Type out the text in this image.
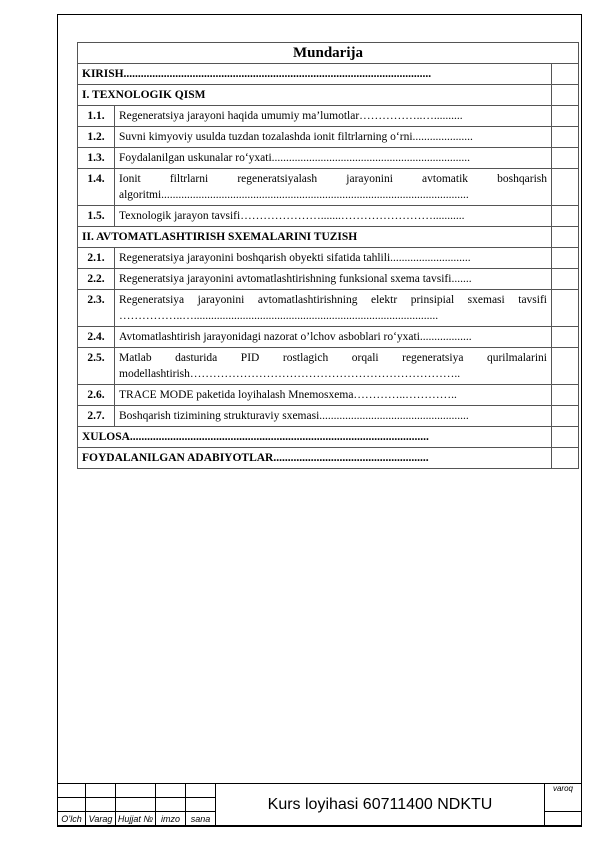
Mundarija		
KIRISH...........................................................................................................		
I. TEXNOLOGIK QISM		
1.1.	Regeneratsiya jarayoni haqida umumiy ma’lumotlar……………..…..........	
1.2.	Suvni kimyoviy usulda tuzdan tozalashda ionit filtrlarning o‘rni.....................	
1.3.	Foydalanilgan uskunalar ro‘yxati.....................................................................	
1.4.	Ionit filtrlarni regeneratsiyalash jarayonini avtomatik boshqarish algoritmi...........................................................................................................	
1.5.	Texnologik jarayon tavsifi………………….......……………………...........	
II. AVTOMATLASHTIRISH SXEMALARINI TUZISH		
2.1.	Regeneratsiya jarayonini boshqarish obyekti sifatida tahlili............................	
2.2.	Regeneratsiya jarayonini avtomatlashtirishning funksional sxema tavsifi.......	
2.3.	Regeneratsiya jarayonini avtomatlashtirishning elektr prinsipial sxemasi tavsifi ……………..….....................................................................................	
2.4.	Avtomatlashtirish jarayonidagi nazorat o’lchov asboblari ro‘yxati..................	
2.5.	Matlab dasturida PID rostlagich orqali regeneratsiya qurilmalarini modellashtirish……………………………………………………………..	
2.6.	TRACE MODE paketida loyihalash Mnemosxema…………..…………..	
2.7.	Boshqarish tizimining strukturaviy sxemasi....................................................	
XULOSA........................................................................................................		
FOYDALANILGAN ADABIYOTLAR......................................................		
					Kurs loyihasi 60711400 NDKTU	varoq

O’lch	Varag	Hujjat №	imzo	sana		
